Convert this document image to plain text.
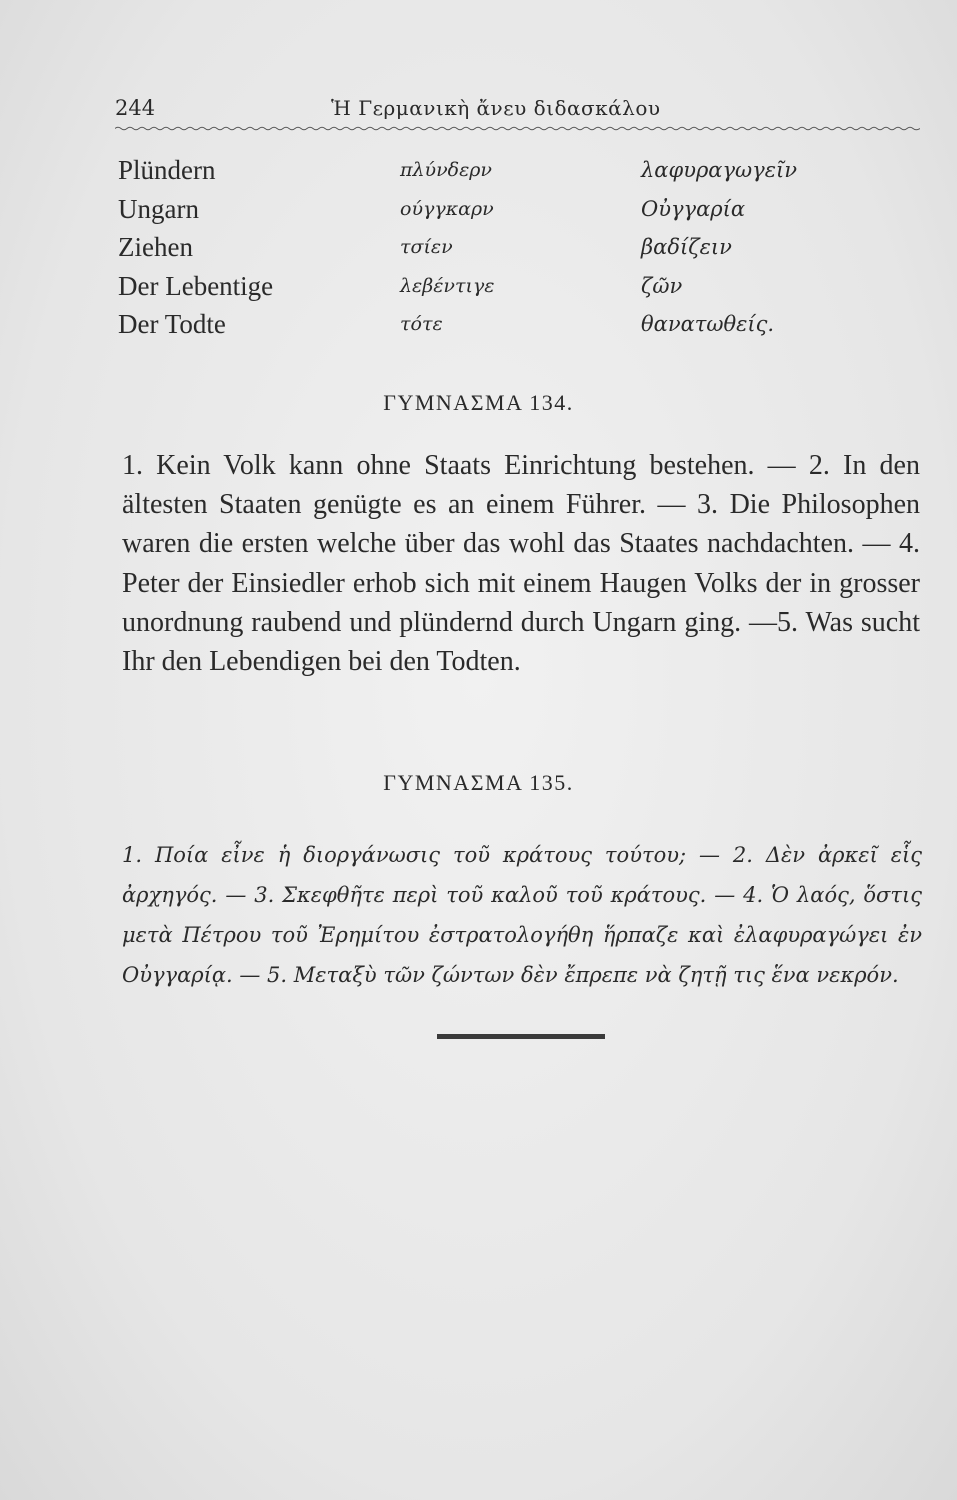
244	Ἡ Γερμανικὴ ἄνευ διδασκάλου
Plündern	πλύνδερν	λαφυραγωγεῖν
Ungarn	ούγγκαρν	Οὐγγαρία
Ziehen	τσίεν	βαδίζειν
Der Lebentige	λεβέντιγε	ζῶν
Der Todte	τότε	θανατωθείς.
ΓΥΜΝΑΣΜΑ 134.
1. Kein Volk kann ohne Staats Einrichtung bestehen. — 2. In den ältesten Staaten genügte es an einem Führer. — 3. Die Philosophen waren die ersten welche über das wohl das Staates nachdachten. — 4. Peter der Einsiedler erhob sich mit einem Haugen Volks der in grosser unordnung raubend und plündernd durch Ungarn ging. —5. Was sucht Ihr den Lebendigen bei den Todten.
ΓΥΜΝΑΣΜΑ 135.
1. Ποία εἶνε ἡ διοργάνωσις τοῦ κράτους τούτου; — 2. Δὲν ἀρκεῖ εἷς ἀρχηγός. — 3. Σκεφθῆτε περὶ τοῦ καλοῦ τοῦ κράτους. — 4. Ὁ λαός, ὅστις μετὰ Πέτρου τοῦ Ἐρημίτου ἐστρατολογήθη ἥρπαζε καὶ ἐλαφυραγώγει ἐν Οὐγγαρίᾳ. — 5. Μεταξὺ τῶν ζώντων δὲν ἔπρεπε νὰ ζητῇ τις ἕνα νεκρόν.
